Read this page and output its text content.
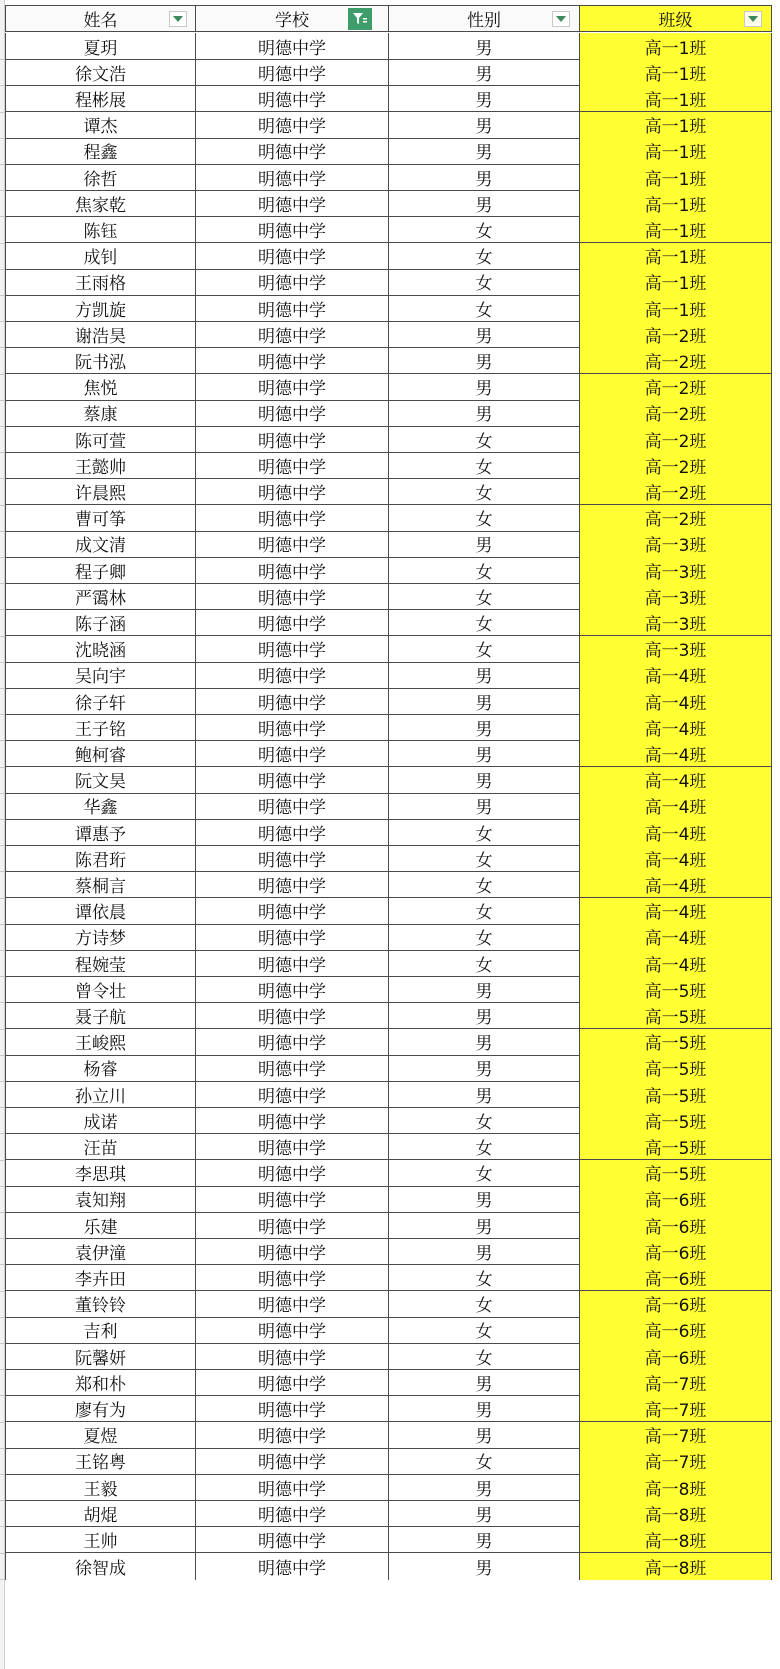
姓名	学校	性别	班级
夏玥	明德中学	男	高一1班
徐文浩	明德中学	男	高一1班
程彬展	明德中学	男	高一1班
谭杰	明德中学	男	高一1班
程鑫	明德中学	男	高一1班
徐哲	明德中学	男	高一1班
焦家乾	明德中学	男	高一1班
陈钰	明德中学	女	高一1班
成钊	明德中学	女	高一1班
王雨格	明德中学	女	高一1班
方凯旋	明德中学	女	高一1班
谢浩昊	明德中学	男	高一2班
阮书泓	明德中学	男	高一2班
焦悦	明德中学	男	高一2班
蔡康	明德中学	男	高一2班
陈可萱	明德中学	女	高一2班
王懿帅	明德中学	女	高一2班
许晨熙	明德中学	女	高一2班
曹可筝	明德中学	女	高一2班
成文清	明德中学	男	高一3班
程子卿	明德中学	女	高一3班
严霭林	明德中学	女	高一3班
陈子涵	明德中学	女	高一3班
沈晓涵	明德中学	女	高一3班
吴向宇	明德中学	男	高一4班
徐子轩	明德中学	男	高一4班
王子铭	明德中学	男	高一4班
鲍柯睿	明德中学	男	高一4班
阮文昊	明德中学	男	高一4班
华鑫	明德中学	男	高一4班
谭惠予	明德中学	女	高一4班
陈君珩	明德中学	女	高一4班
蔡桐言	明德中学	女	高一4班
谭依晨	明德中学	女	高一4班
方诗梦	明德中学	女	高一4班
程婉莹	明德中学	女	高一4班
曾令壮	明德中学	男	高一5班
聂子航	明德中学	男	高一5班
王峻熙	明德中学	男	高一5班
杨睿	明德中学	男	高一5班
孙立川	明德中学	男	高一5班
成诺	明德中学	女	高一5班
汪苗	明德中学	女	高一5班
李思琪	明德中学	女	高一5班
袁知翔	明德中学	男	高一6班
乐建	明德中学	男	高一6班
袁伊潼	明德中学	男	高一6班
李卉田	明德中学	女	高一6班
董铃铃	明德中学	女	高一6班
吉利	明德中学	女	高一6班
阮馨妍	明德中学	女	高一6班
郑和朴	明德中学	男	高一7班
廖有为	明德中学	男	高一7班
夏煜	明德中学	男	高一7班
王铭粤	明德中学	女	高一7班
王毅	明德中学	男	高一8班
胡焜	明德中学	男	高一8班
王帅	明德中学	男	高一8班
徐智成	明德中学	男	高一8班
